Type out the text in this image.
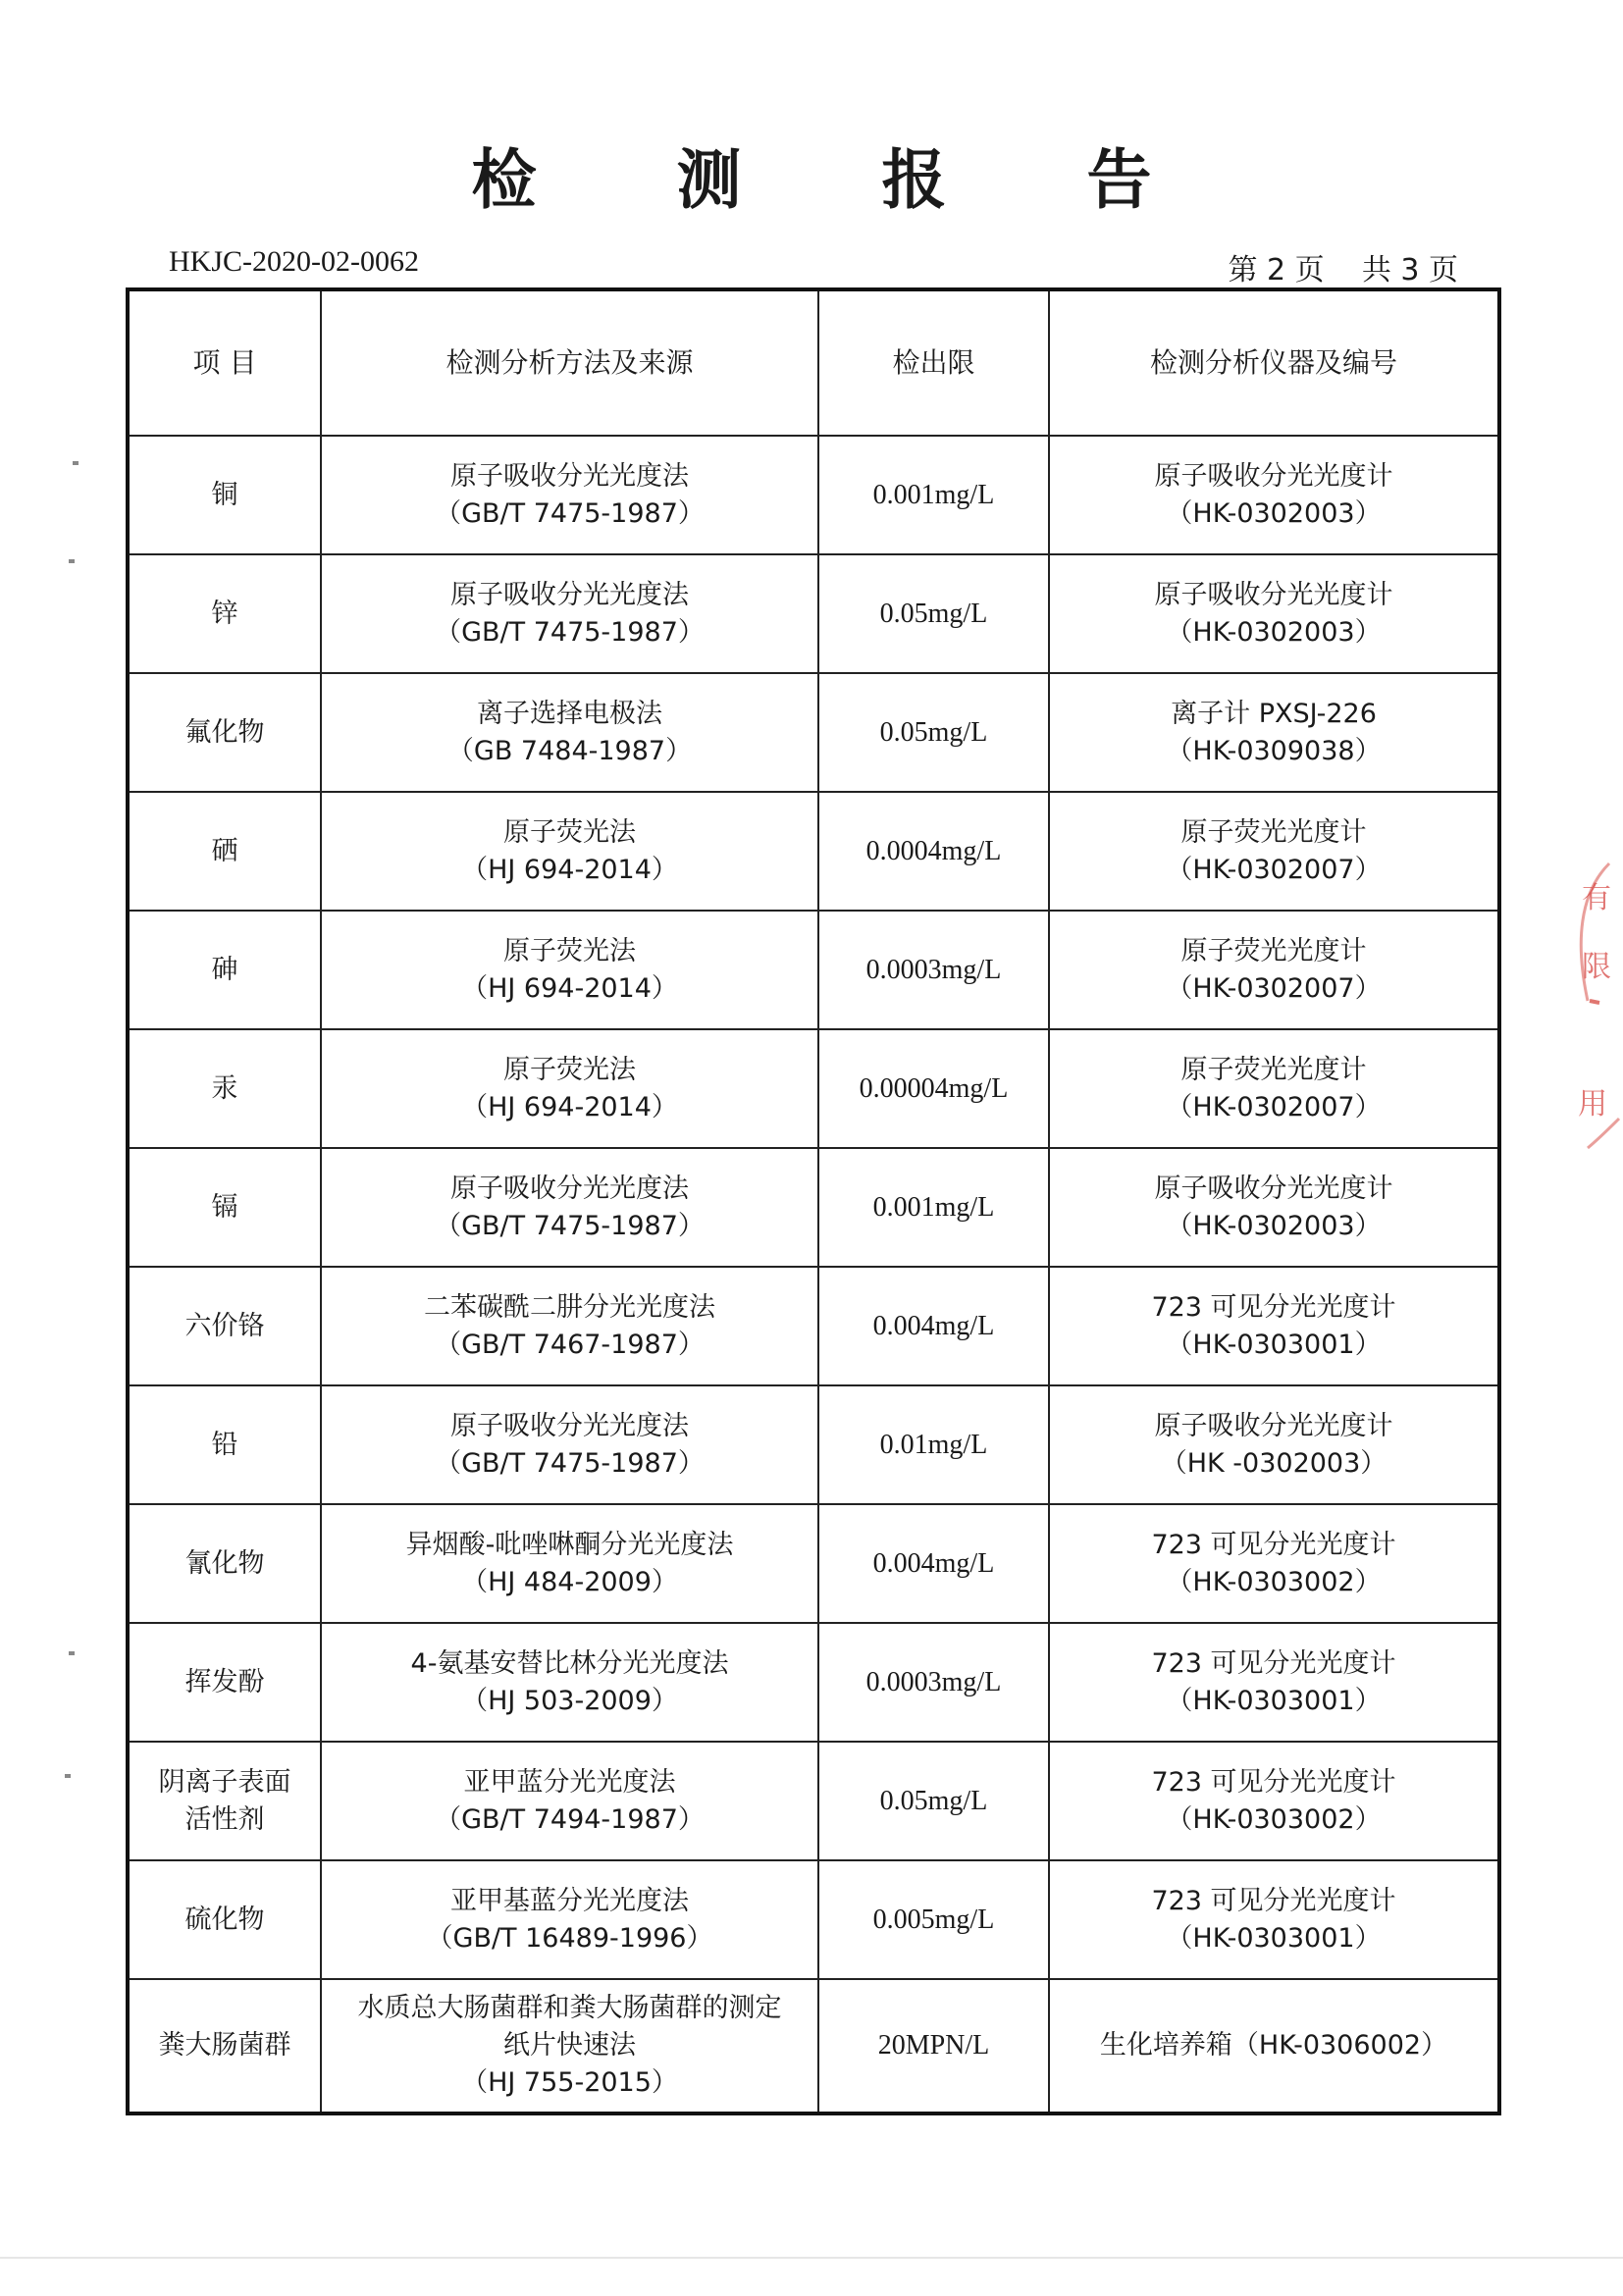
检 测 报 告
HKJC-2020-02-0062	第 2 页 共 3 页
项 目	检测分析方法及来源	检出限	检测分析仪器及编号

铜	原子吸收分光光度法
（GB/T 7475-1987）	0.001mg/L	原子吸收分光光度计
（HK-0302003）

锌	原子吸收分光光度法
（GB/T 7475-1987）	0.05mg/L	原子吸收分光光度计
（HK-0302003）

氟化物	离子选择电极法
（GB 7484-1987）	0.05mg/L	离子计 PXSJ-226
（HK-0309038）

硒	原子荧光法
（HJ 694-2014）	0.0004mg/L	原子荧光光度计
（HK-0302007）

砷	原子荧光法
（HJ 694-2014）	0.0003mg/L	原子荧光光度计
（HK-0302007）

汞	原子荧光法
（HJ 694-2014）	0.00004mg/L	原子荧光光度计
（HK-0302007）

镉	原子吸收分光光度法
（GB/T 7475-1987）	0.001mg/L	原子吸收分光光度计
（HK-0302003）

六价铬	二苯碳酰二肼分光光度法
（GB/T 7467-1987）	0.004mg/L	723 可见分光光度计
（HK-0303001）

铅	原子吸收分光光度法
（GB/T 7475-1987）	0.01mg/L	原子吸收分光光度计
（HK -0302003）

氰化物	异烟酸-吡唑啉酮分光光度法
（HJ 484-2009）	0.004mg/L	723 可见分光光度计
（HK-0303002）

挥发酚	4-氨基安替比林分光光度法
（HJ 503-2009）	0.0003mg/L	723 可见分光光度计
（HK-0303001）

阴离子表面
活性剂	亚甲蓝分光光度法
（GB/T 7494-1987）	0.05mg/L	723 可见分光光度计
（HK-0303002）

硫化物	亚甲基蓝分光光度法
（GB/T 16489-1996）	0.005mg/L	723 可见分光光度计
（HK-0303001）

粪大肠菌群	水质总大肠菌群和粪大肠菌群的测定
纸片快速法
（HJ 755-2015）	20MPN/L	生化培养箱（HK-0306002）
有
限
用
